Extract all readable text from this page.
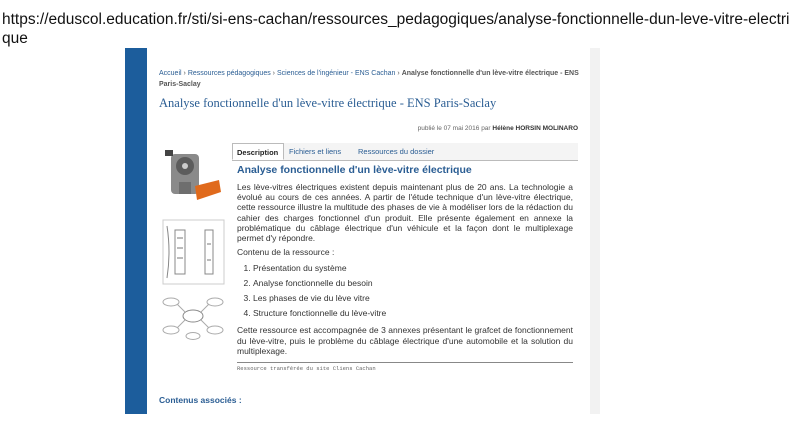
https://eduscol.education.fr/sti/si-ens-cachan/ressources_pedagogiques/analyse-fonctionnelle-dun-leve-vitre-electrique
Accueil › Ressources pédagogiques › Sciences de l'ingénieur - ENS Cachan › Analyse fonctionnelle d'un lève-vitre électrique - ENS Paris-Saclay
Analyse fonctionnelle d'un lève-vitre électrique - ENS Paris-Saclay
publié le 07 mai 2016 par Hélène HORSIN MOLINARO
Description	Fichiers et liens	Ressources du dossier
Analyse fonctionnelle d'un lève-vitre électrique

Les lève-vitres électriques existent depuis maintenant plus de 20 ans. La technologie a évolué au cours de ces années. A partir de l'étude technique d'un lève-vitre électrique, cette ressource illustre la multitude des phases de vie à modéliser lors de la rédaction du cahier des charges fonctionnel d'un produit. Elle présente également en annexe la problématique du câblage électrique d'un véhicule et la façon dont le multiplexage permet d'y répondre.

Contenu de la ressource :

1. Présentation du système
2. Analyse fonctionnelle du besoin
3. Les phases de vie du lève vitre
4. Structure fonctionnelle du lève-vitre

Cette ressource est accompagnée de 3 annexes présentant le grafcet de fonctionnement du lève-vitre, puis le problème du câblage électrique d'une automobile et la solution du multiplexage.

Ressource transférée du site Cliens Cachan
Contenus associés :
